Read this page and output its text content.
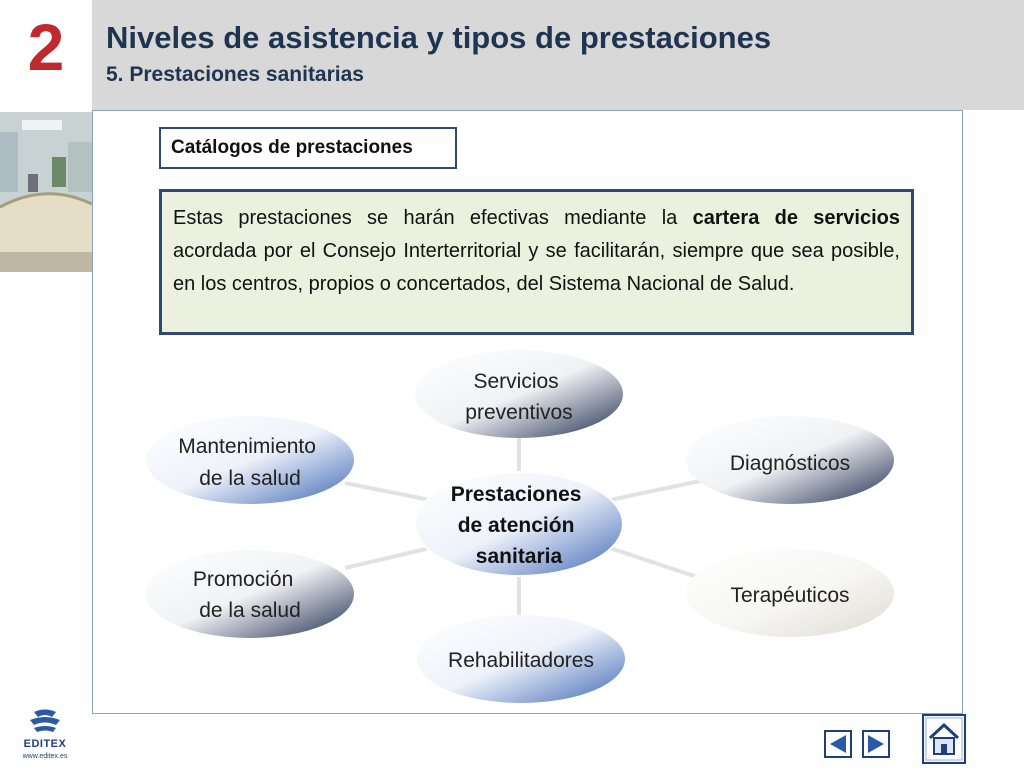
2	Niveles de asistencia y tipos de prestaciones
5. Prestaciones sanitarias
Catálogos de prestaciones
Estas prestaciones se harán efectivas mediante la cartera de servicios acordada por el Consejo Interterritorial y se facilitarán, siempre que sea posible, en los centros, propios o concertados, del Sistema Nacional de Salud.
Prestaciones de atención sanitaria
Servicios preventivos
Diagnósticos
Terapéuticos
Rehabilitadores
Promoción de la salud
Mantenimiento de la salud
EDITEX
www.editex.es
